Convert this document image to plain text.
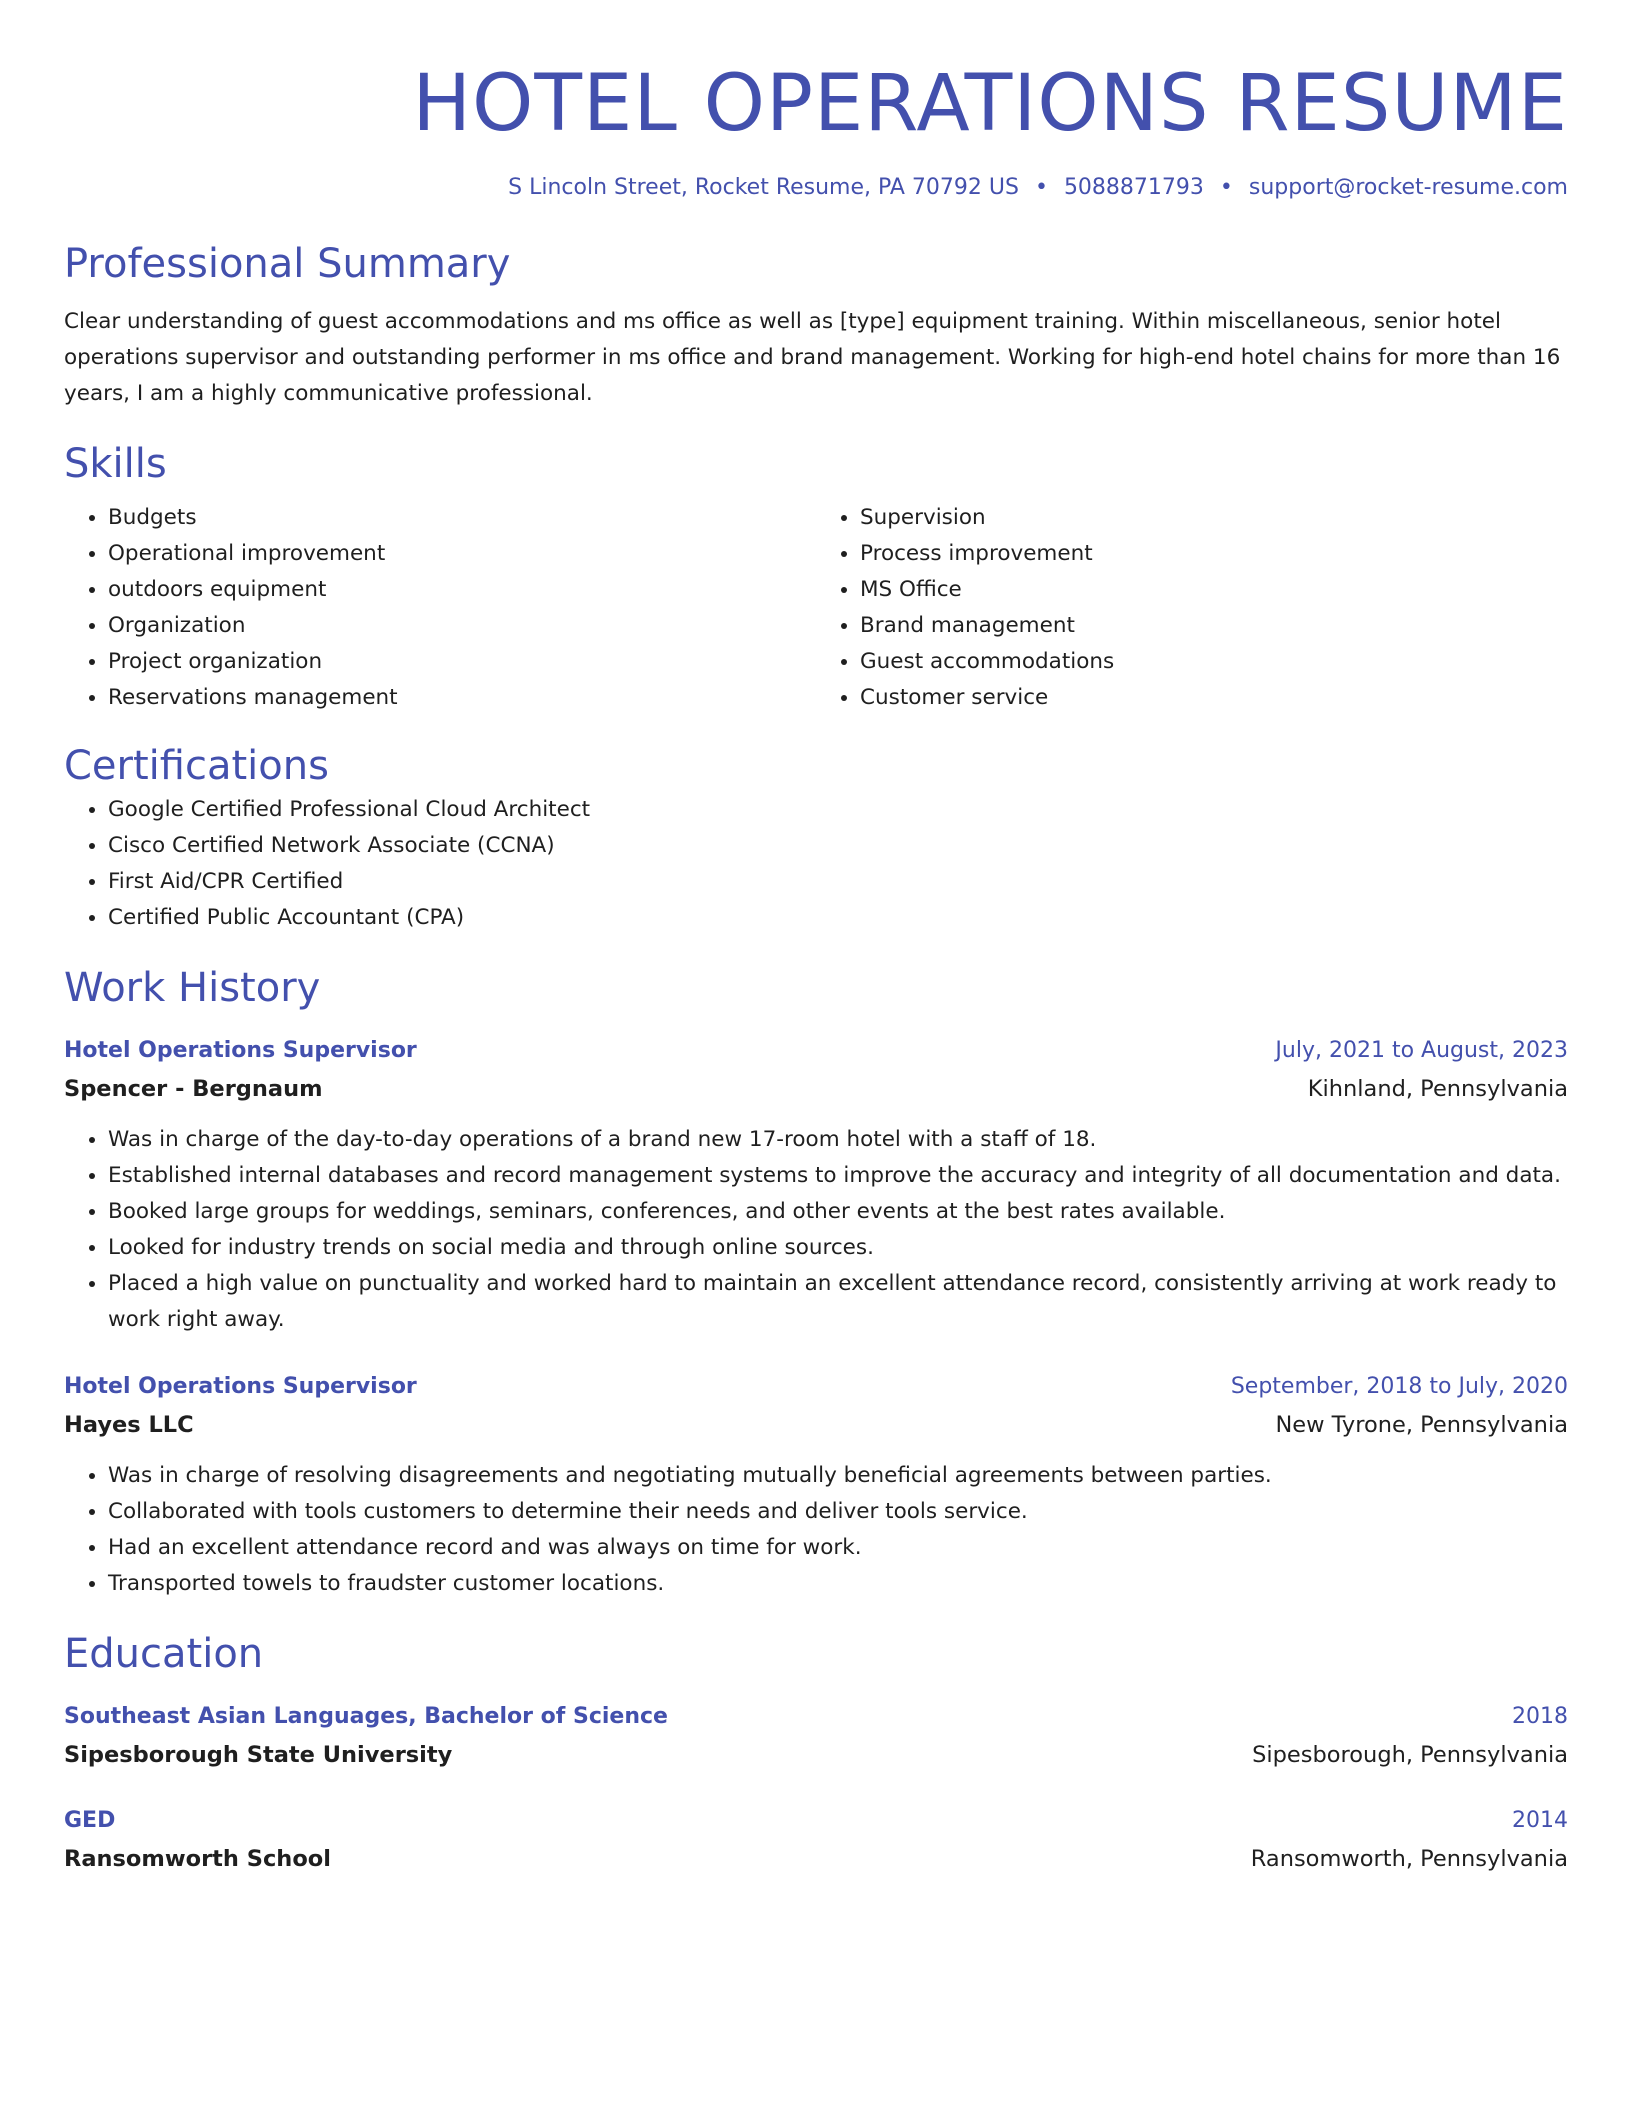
HOTEL OPERATIONS RESUME
S Lincoln Street, Rocket Resume, PA 70792 US • 5088871793 • support@rocket-resume.com
Professional Summary

Clear understanding of guest accommodations and ms office as well as [type] equipment training. Within miscellaneous, senior hotel operations supervisor and outstanding performer in ms office and brand management. Working for high-end hotel chains for more than 16 years, I am a highly communicative professional.

Skills
• Budgets
• Operational improvement
• outdoors equipment
• Organization
• Project organization
• Reservations management
• Supervision
• Process improvement
• MS Office
• Brand management
• Guest accommodations
• Customer service
Certifications
• Google Certified Professional Cloud Architect
• Cisco Certified Network Associate (CCNA)
• First Aid/CPR Certified
• Certified Public Accountant (CPA)
Work History
Hotel Operations Supervisor	July, 2021 to August, 2023
Spencer - Bergnaum	Kihnland, Pennsylvania
• Was in charge of the day-to-day operations of a brand new 17-room hotel with a staff of 18.
• Established internal databases and record management systems to improve the accuracy and integrity of all documentation and data.
• Booked large groups for weddings, seminars, conferences, and other events at the best rates available.
• Looked for industry trends on social media and through online sources.
• Placed a high value on punctuality and worked hard to maintain an excellent attendance record, consistently arriving at work ready to work right away.
Hotel Operations Supervisor	September, 2018 to July, 2020
Hayes LLC	New Tyrone, Pennsylvania
• Was in charge of resolving disagreements and negotiating mutually beneficial agreements between parties.
• Collaborated with tools customers to determine their needs and deliver tools service.
• Had an excellent attendance record and was always on time for work.
• Transported towels to fraudster customer locations.
Education
Southeast Asian Languages, Bachelor of Science	2018
Sipesborough State University	Sipesborough, Pennsylvania
GED	2014
Ransomworth School	Ransomworth, Pennsylvania
